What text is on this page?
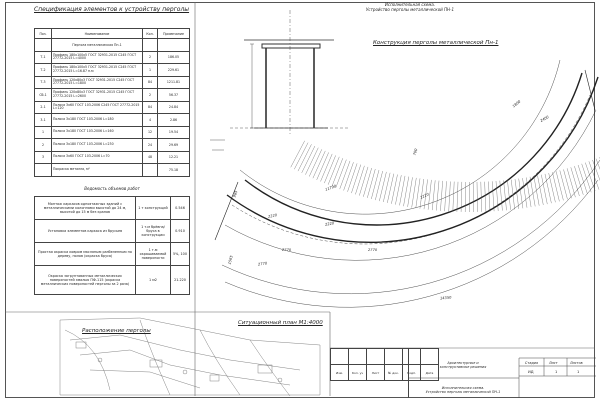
Спецификация элементов к устройству перголы
Поз.	Наименование	Кол.	Примечание
	Пергола металлическая Пн-1		
Т-1	Профиль 180х100х5 ГОСТ 32931-2015 С245 ГОСТ 27772-2015 L=4000	2	186.05
Т-2	Профиль 180х100х5 ГОСТ 32931-2015 С245 ГОСТ 27772-2015 L=16.87 п.м	1	229.61
Т-3	Профиль 120х80х3 ГОСТ 32931-2015 С245 ГОСТ 27772-2015 L=1800	84	1211.81
Сб-1	Профиль 120х80х3 ГОСТ 32931-2015 С245 ГОСТ 27772-2015 L=2600	2	56.37
2-1	Полоса 3х60 ГОСТ 103-2006 С245 ГОСТ 27772-2015 L=120	84	24.84
3-1	Полоса 3х180 ГОСТ 103-2006 L=180	4	2.86
1	Полоса 3х180 ГОСТ 103-2006 L=160	12	19.54
2	Полоса 3х180 ГОСТ 103-2006 L=230	24	29.69
3	Полоса 3х60 ГОСТ 103-2006 L=70	48	12.21
	Покраска металла, м²		75.18
Ведомость объемов работ
Монтаж каркасов одноэтажных зданий с металлическими колоннами высотой до 24 м, высотой до 15 м без кранов	1 т конструкций	0.546
Установка элементов каркаса из брусьев	1 т.м брёвна/бруса в конструкции	0.910
Простая окраска ковром масляным разбеленным по дереву, полов (окраска бруса)	1 т.м окрашиваемой поверхности	5%, 100
Окраска загрунтованных металлических поверхностей эмалью ПФ-115 (окраска металлических поверхностей перголы за 2 раза)	1 м2	21.220
Исполнительная схема.
Устройство перголы металлической ПН-1
Конструкция перголы металлической Пн-1
1800
2400
11790
2770
2770
2770
2220
2220
2220
14350
700
985
1565
Ситуационный план М1:4000
Расположение перголы

Изм.	Кол. уч	Лист	№ док.	Подп.	Дата
Архитектурные и
конструктивные решения
Стадия	Лист	Листов
ИД	1	1
Исполнительная схема.
Устройство перголы металлической ПН-1
